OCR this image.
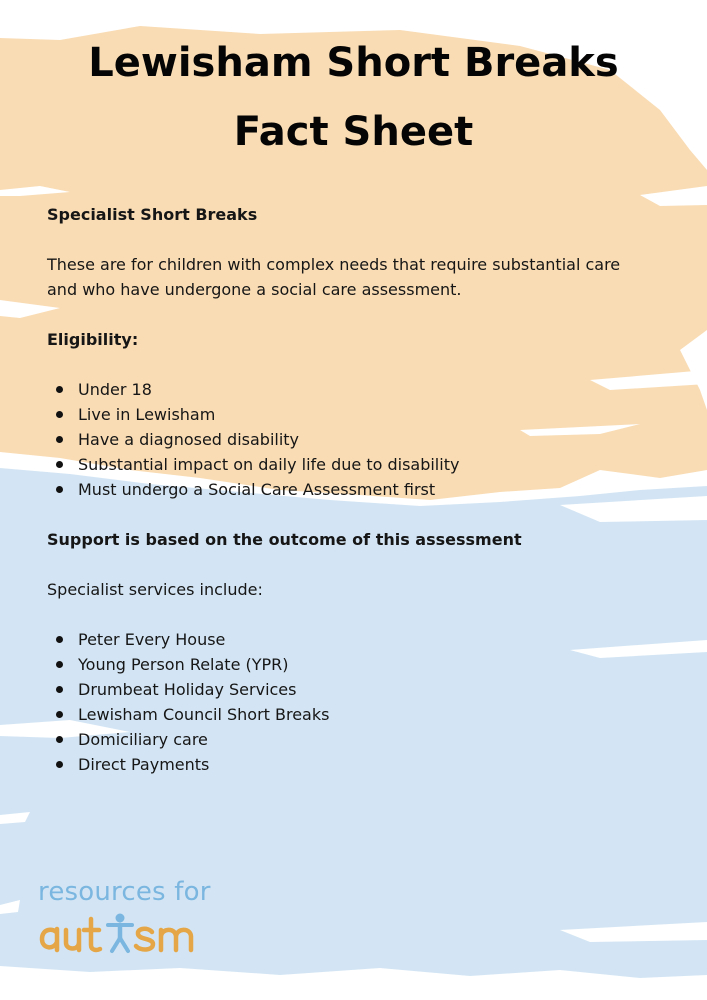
Lewisham Short Breaks
Fact Sheet

Specialist Short Breaks

These are for children with complex needs that require substantial care

and who have undergone a social care assessment.

Eligibility:

Under 18
Live in Lewisham
Have a diagnosed disability
Substantial impact on daily life due to disability
Must undergo a Social Care Assessment first

Support is based on the outcome of this assessment

Specialist services include:

Peter Every House
Young Person Relate (YPR)
Drumbeat Holiday Services
Lewisham Council Short Breaks
Domiciliary care
Direct Payments
resources for
